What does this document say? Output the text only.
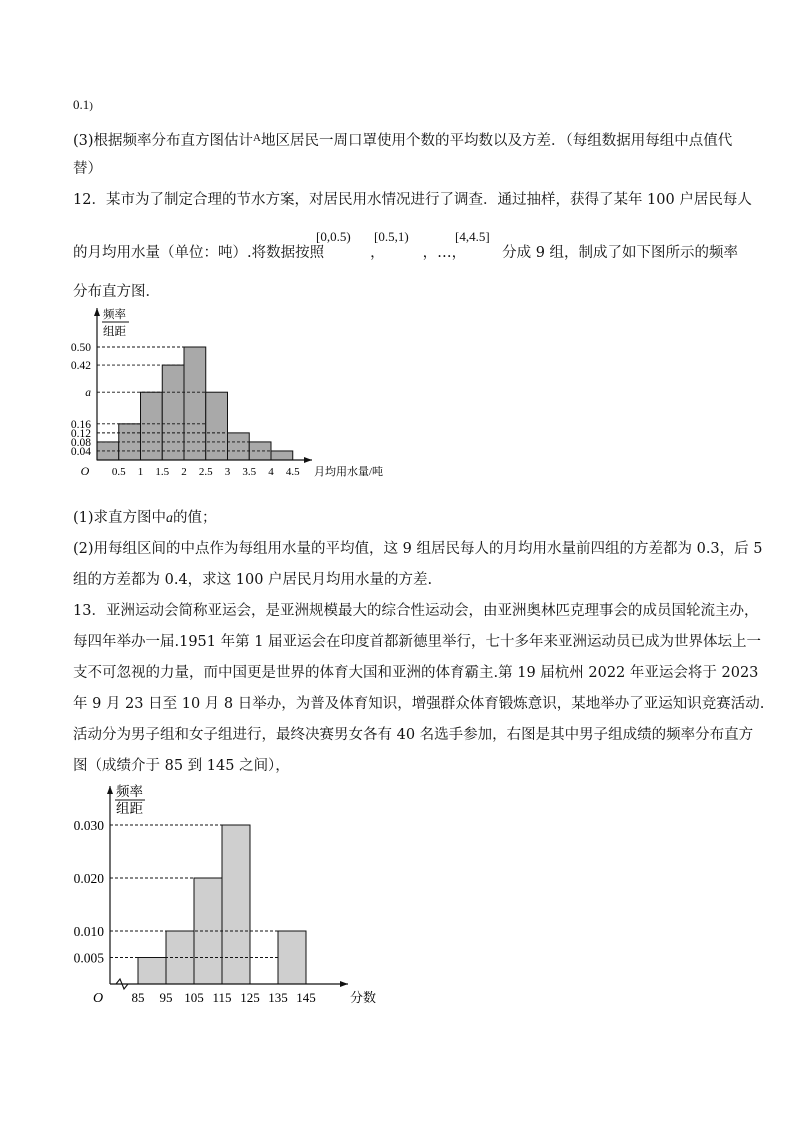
0.1)
(3)根据频率分布直方图估计$^A$地区居民一周口罩使用个数的平均数以及方差．（每组数据用每组中点值代
替）
12．某市为了制定合理的节水方案，对居民用水情况进行了调查．通过抽样，获得了某年 100 户居民每人
[0,0.5) [0.5,1)	[4,4.5]
的月均用水量（单位：吨）.将数据按照	，	，…， 分成 9 组，制成了如下图所示的频率
分布直方图．
0.50
0.42
a
0.16
0.12
0.08
0.04
0.5 1 1.5 2 2.5 3 3.5 4 4.5
O	月均用水量/吨
频率
组距
(1)求直方图中a的值；
(2)用每组区间的中点作为每组用水量的平均值，这 9 组居民每人的月均用水量前四组的方差都为 0.3，后 5
组的方差都为 0.4，求这 100 户居民月均用水量的方差.
13．亚洲运动会简称亚运会，是亚洲规模最大的综合性运动会，由亚洲奥林匹克理事会的成员国轮流主办，
每四年举办一届.1951 年第 1 届亚运会在印度首都新德里举行，七十多年来亚洲运动员已成为世界体坛上一
支不可忽视的力量，而中国更是世界的体育大国和亚洲的体育霸主.第 19 届杭州 2022 年亚运会将于 2023
年 9 月 23 日至 10 月 8 日举办，为普及体育知识，增强群众体育锻炼意识，某地举办了亚运知识竞赛活动.
活动分为男子组和女子组进行，最终决赛男女各有 40 名选手参加，右图是其中男子组成绩的频率分布直方
图（成绩介于 85 到 145 之间），
0.030
0.020
0.010
0.005
85 95 105 115 125 135 145
O	分数
频率
组距
